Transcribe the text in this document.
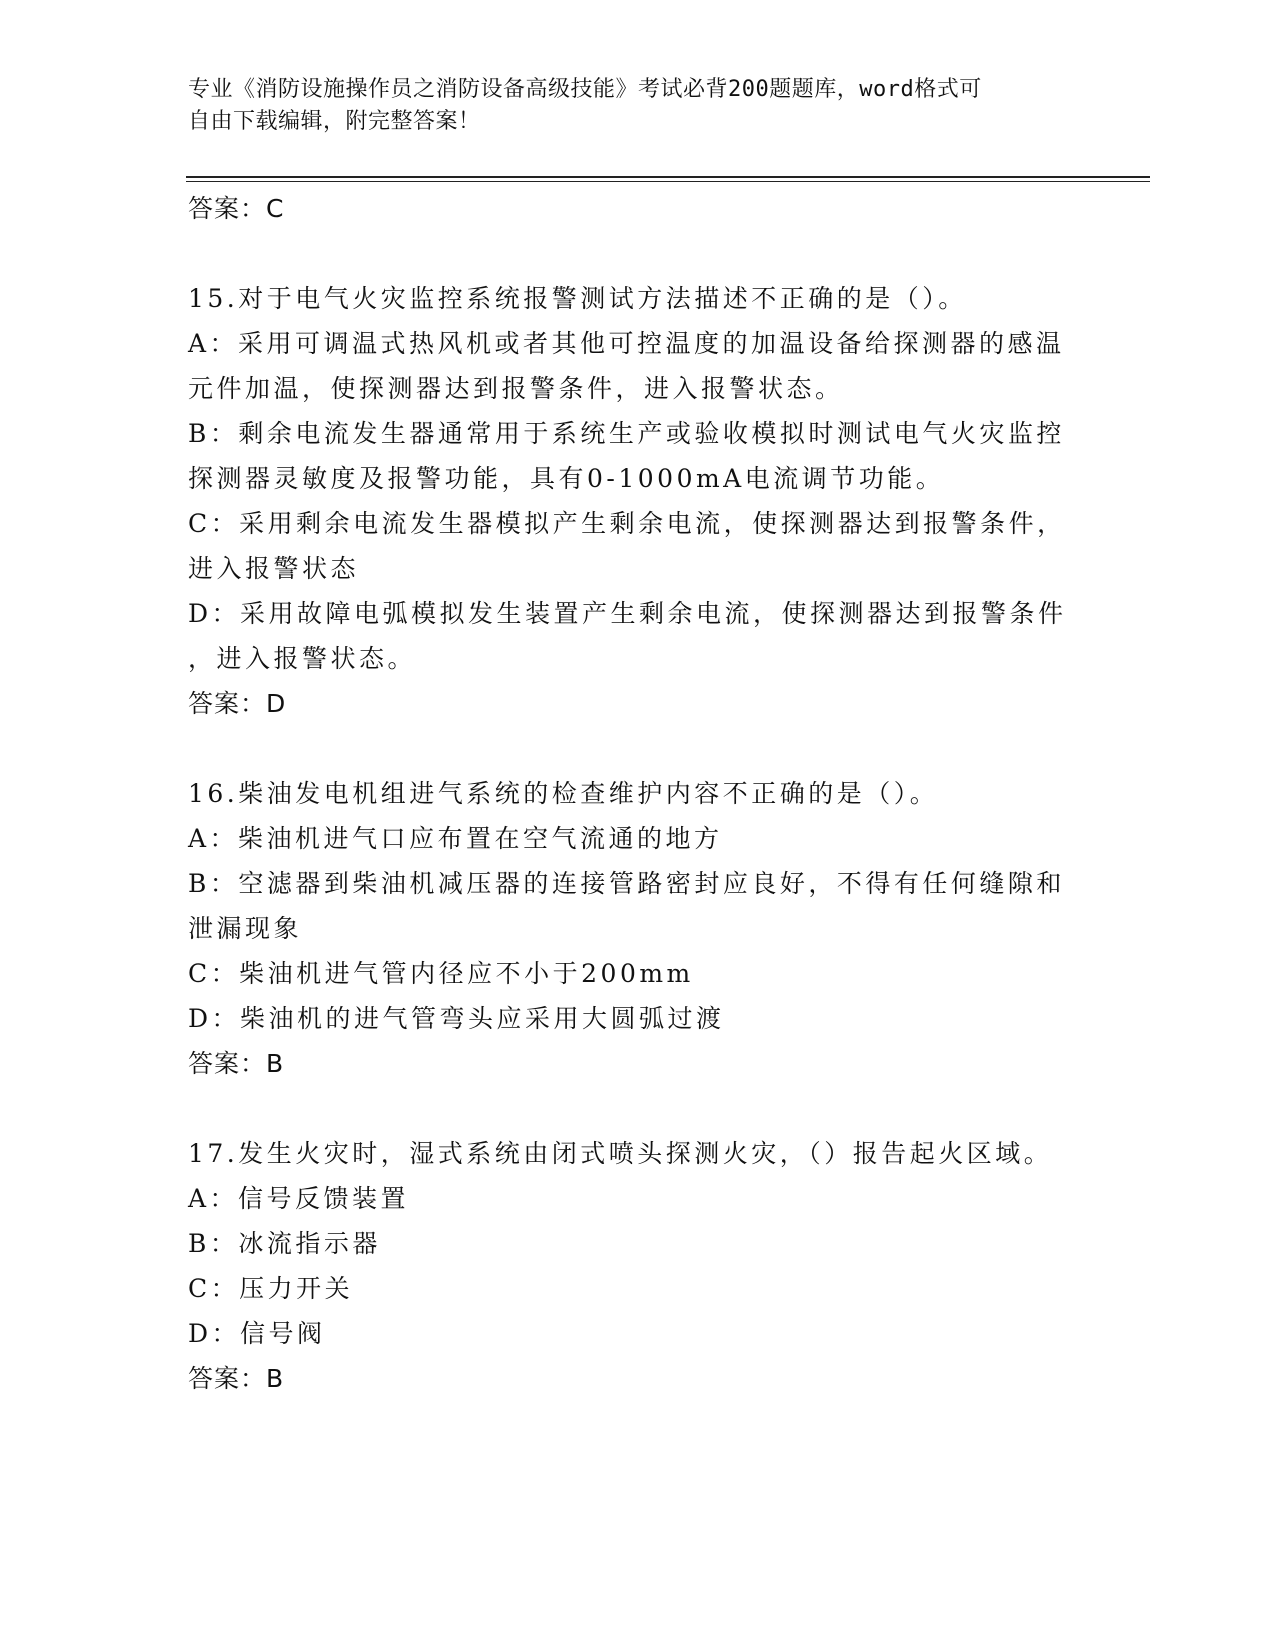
专业《消防设施操作员之消防设备高级技能》考试必背200题题库，word格式可
自由下载编辑，附完整答案！
答案：C
15.对于电气火灾监控系统报警测试方法描述不正确的是（）。
A：采用可调温式热风机或者其他可控温度的加温设备给探测器的感温
元件加温，使探测器达到报警条件，进入报警状态。
B：剩余电流发生器通常用于系统生产或验收模拟时测试电气火灾监控
探测器灵敏度及报警功能，具有0-1000mA电流调节功能。
C：采用剩余电流发生器模拟产生剩余电流，使探测器达到报警条件，
进入报警状态
D：采用故障电弧模拟发生装置产生剩余电流，使探测器达到报警条件
，进入报警状态。
答案：D
16.柴油发电机组进气系统的检查维护内容不正确的是（）。
A：柴油机进气口应布置在空气流通的地方
B：空滤器到柴油机减压器的连接管路密封应良好，不得有任何缝隙和
泄漏现象
C：柴油机进气管内径应不小于200mm
D：柴油机的进气管弯头应采用大圆弧过渡
答案：B
17.发生火灾时，湿式系统由闭式喷头探测火灾，（）报告起火区域。
A：信号反馈装置
B：冰流指示器
C：压力开关
D：信号阀
答案：B
